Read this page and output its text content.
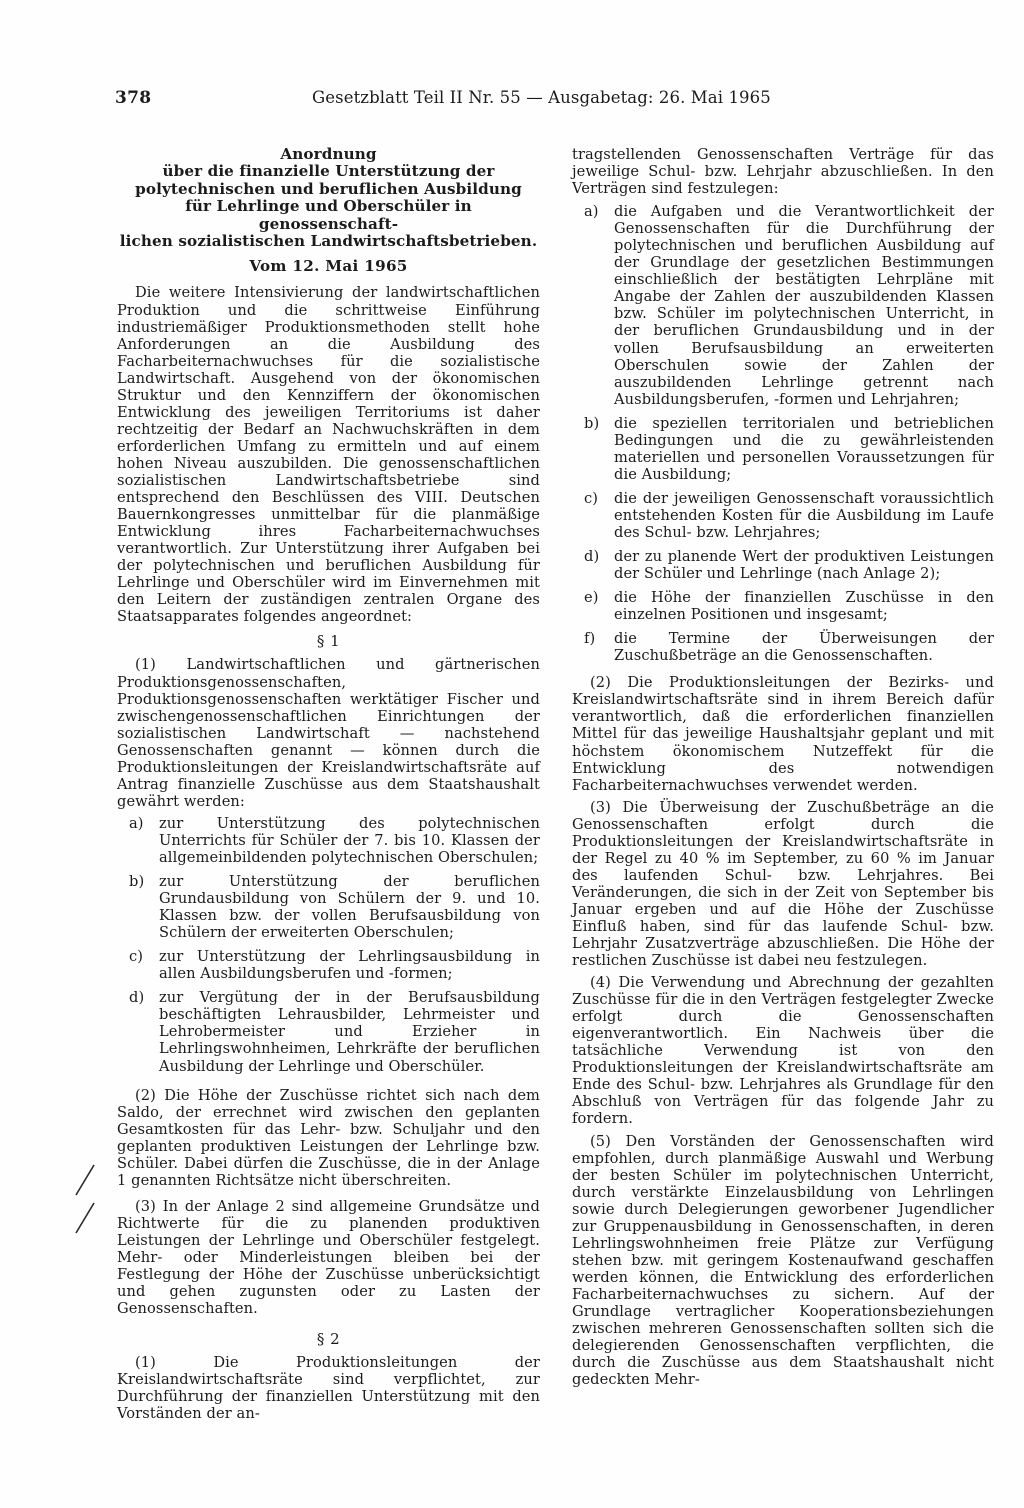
378	Gesetzblatt Teil II Nr. 55 — Ausgabetag: 26. Mai 1965
Anordnung
über die finanzielle Unterstützung der
polytechnischen und beruflichen Ausbildung
für Lehrlinge und Oberschüler in genossenschaft-
lichen sozialistischen Landwirtschaftsbetrieben.
Vom 12. Mai 1965

Die weitere Intensivierung der landwirtschaftlichen Produktion und die schrittweise Einführung industriemäßiger Produktionsmethoden stellt hohe Anforderungen an die Ausbildung des Facharbeiternachwuchses für die sozialistische Landwirtschaft. Ausgehend von der ökonomischen Struktur und den Kennziffern der ökonomischen Entwicklung des jeweiligen Territoriums ist daher rechtzeitig der Bedarf an Nachwuchskräften in dem erforderlichen Umfang zu ermitteln und auf einem hohen Niveau auszubilden. Die genossenschaftlichen sozialistischen Landwirtschaftsbetriebe sind entsprechend den Beschlüssen des VIII. Deutschen Bauernkongresses unmittelbar für die planmäßige Entwicklung ihres Facharbeiternachwuchses verantwortlich. Zur Unterstützung ihrer Aufgaben bei der polytechnischen und beruflichen Ausbildung für Lehrlinge und Oberschüler wird im Einvernehmen mit den Leitern der zuständigen zentralen Organe des Staatsapparates folgendes angeordnet:

§ 1

(1) Landwirtschaftlichen und gärtnerischen Produktionsgenossenschaften, Produktionsgenossenschaften werktätiger Fischer und zwischengenossenschaftlichen Einrichtungen der sozialistischen Landwirtschaft — nachstehend Genossenschaften genannt — können durch die Produktionsleitungen der Kreislandwirtschaftsräte auf Antrag finanzielle Zuschüsse aus dem Staatshaushalt gewährt werden:

a) zur Unterstützung des polytechnischen Unterrichts für Schüler der 7. bis 10. Klassen der allgemeinbildenden polytechnischen Oberschulen;
b) zur Unterstützung der beruflichen Grundausbildung von Schülern der 9. und 10. Klassen bzw. der vollen Berufsausbildung von Schülern der erweiterten Oberschulen;
c) zur Unterstützung der Lehrlingsausbildung in allen Ausbildungsberufen und -formen;
d) zur Vergütung der in der Berufsausbildung beschäftigten Lehrausbilder, Lehrmeister und Lehrobermeister und Erzieher in Lehrlingswohnheimen, Lehrkräfte der beruflichen Ausbildung der Lehrlinge und Oberschüler.

(2) Die Höhe der Zuschüsse richtet sich nach dem Saldo, der errechnet wird zwischen den geplanten Gesamtkosten für das Lehr- bzw. Schuljahr und den geplanten produktiven Leistungen der Lehrlinge bzw. Schüler. Dabei dürfen die Zuschüsse, die in der Anlage 1 genannten Richtsätze nicht überschreiten.

(3) In der Anlage 2 sind allgemeine Grundsätze und Richtwerte für die zu planenden produktiven Leistungen der Lehrlinge und Oberschüler festgelegt. Mehr- oder Minderleistungen bleiben bei der Festlegung der Höhe der Zuschüsse unberücksichtigt und gehen zugunsten oder zu Lasten der Genossenschaften.

§ 2

(1) Die Produktionsleitungen der Kreislandwirtschaftsräte sind verpflichtet, zur Durchführung der finanziellen Unterstützung mit den Vorständen der an-

tragstellenden Genossenschaften Verträge für das jeweilige Schul- bzw. Lehrjahr abzuschließen. In den Verträgen sind festzulegen:

a) die Aufgaben und die Verantwortlichkeit der Genossenschaften für die Durchführung der polytechnischen und beruflichen Ausbildung auf der Grundlage der gesetzlichen Bestimmungen einschließlich der bestätigten Lehrpläne mit Angabe der Zahlen der auszubildenden Klassen bzw. Schüler im polytechnischen Unterricht, in der beruflichen Grundausbildung und in der vollen Berufsausbildung an erweiterten Oberschulen sowie der Zahlen der auszubildenden Lehrlinge getrennt nach Ausbildungsberufen, -formen und Lehrjahren;
b) die speziellen territorialen und betrieblichen Bedingungen und die zu gewährleistenden materiellen und personellen Voraussetzungen für die Ausbildung;
c) die der jeweiligen Genossenschaft voraussichtlich entstehenden Kosten für die Ausbildung im Laufe des Schul- bzw. Lehrjahres;
d) der zu planende Wert der produktiven Leistungen der Schüler und Lehrlinge (nach Anlage 2);
e) die Höhe der finanziellen Zuschüsse in den einzelnen Positionen und insgesamt;
f) die Termine der Überweisungen der Zuschußbeträge an die Genossenschaften.

(2) Die Produktionsleitungen der Bezirks- und Kreislandwirtschaftsräte sind in ihrem Bereich dafür verantwortlich, daß die erforderlichen finanziellen Mittel für das jeweilige Haushaltsjahr geplant und mit höchstem ökonomischem Nutzeffekt für die Entwicklung des notwendigen Facharbeiternachwuchses verwendet werden.

(3) Die Überweisung der Zuschußbeträge an die Genossenschaften erfolgt durch die Produktionsleitungen der Kreislandwirtschaftsräte in der Regel zu 40 % im September, zu 60 % im Januar des laufenden Schul- bzw. Lehrjahres. Bei Veränderungen, die sich in der Zeit von September bis Januar ergeben und auf die Höhe der Zuschüsse Einfluß haben, sind für das laufende Schul- bzw. Lehrjahr Zusatzverträge abzuschließen. Die Höhe der restlichen Zuschüsse ist dabei neu festzulegen.

(4) Die Verwendung und Abrechnung der gezahlten Zuschüsse für die in den Verträgen festgelegter Zwecke erfolgt durch die Genossenschaften eigenverantwortlich. Ein Nachweis über die tatsächliche Verwendung ist von den Produktionsleitungen der Kreislandwirtschaftsräte am Ende des Schul- bzw. Lehrjahres als Grundlage für den Abschluß von Verträgen für das folgende Jahr zu fordern.

(5) Den Vorständen der Genossenschaften wird empfohlen, durch planmäßige Auswahl und Werbung der besten Schüler im polytechnischen Unterricht, durch verstärkte Einzelausbildung von Lehrlingen sowie durch Delegierungen geworbener Jugendlicher zur Gruppenausbildung in Genossenschaften, in deren Lehrlingswohnheimen freie Plätze zur Verfügung stehen bzw. mit geringem Kostenaufwand geschaffen werden können, die Entwicklung des erforderlichen Facharbeiternachwuchses zu sichern. Auf der Grundlage vertraglicher Kooperationsbeziehungen zwischen mehreren Genossenschaften sollten sich die delegierenden Genossenschaften verpflichten, die durch die Zuschüsse aus dem Staatshaushalt nicht gedeckten Mehr-
